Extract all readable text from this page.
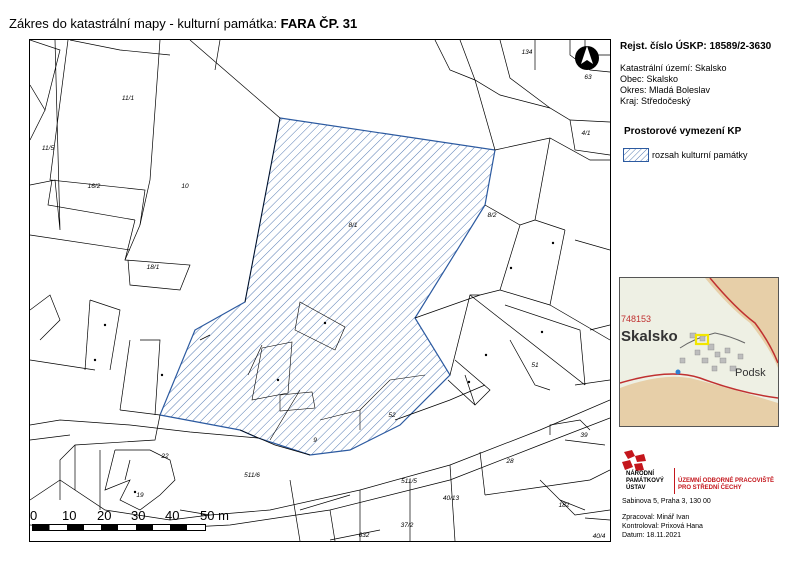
Zákres do katastrální mapy - kulturní památka: FARA ČP. 31
134
63
11/1
4/1
11/5
10
16/2
8/1
8/2
18/1
51
9
52
22
511/6
511/5
28
39
19	40/13
37/2
182
632	40/4
0 10 20 30 40 50 m
Rejst. číslo ÚSKP: 18589/2-3630
Katastrální území: Skalsko
Obec: Skalsko
Okres: Mladá Boleslav
Kraj: Středočeský
Prostorové vymezení KP
rozsah kulturní památky
Skalsko
Podsk
748153
NÁRODNÍ
PAMÁTKOVÝ
ÚSTAV
ÚZEMNÍ ODBORNÉ PRACOVIŠTĚ
PRO STŘEDNÍ ČECHY
Sabinova 5, Praha 3, 130 00
Zpracoval: Minář Ivan
Kontroloval: Prixová Hana
Datum: 18.11.2021
